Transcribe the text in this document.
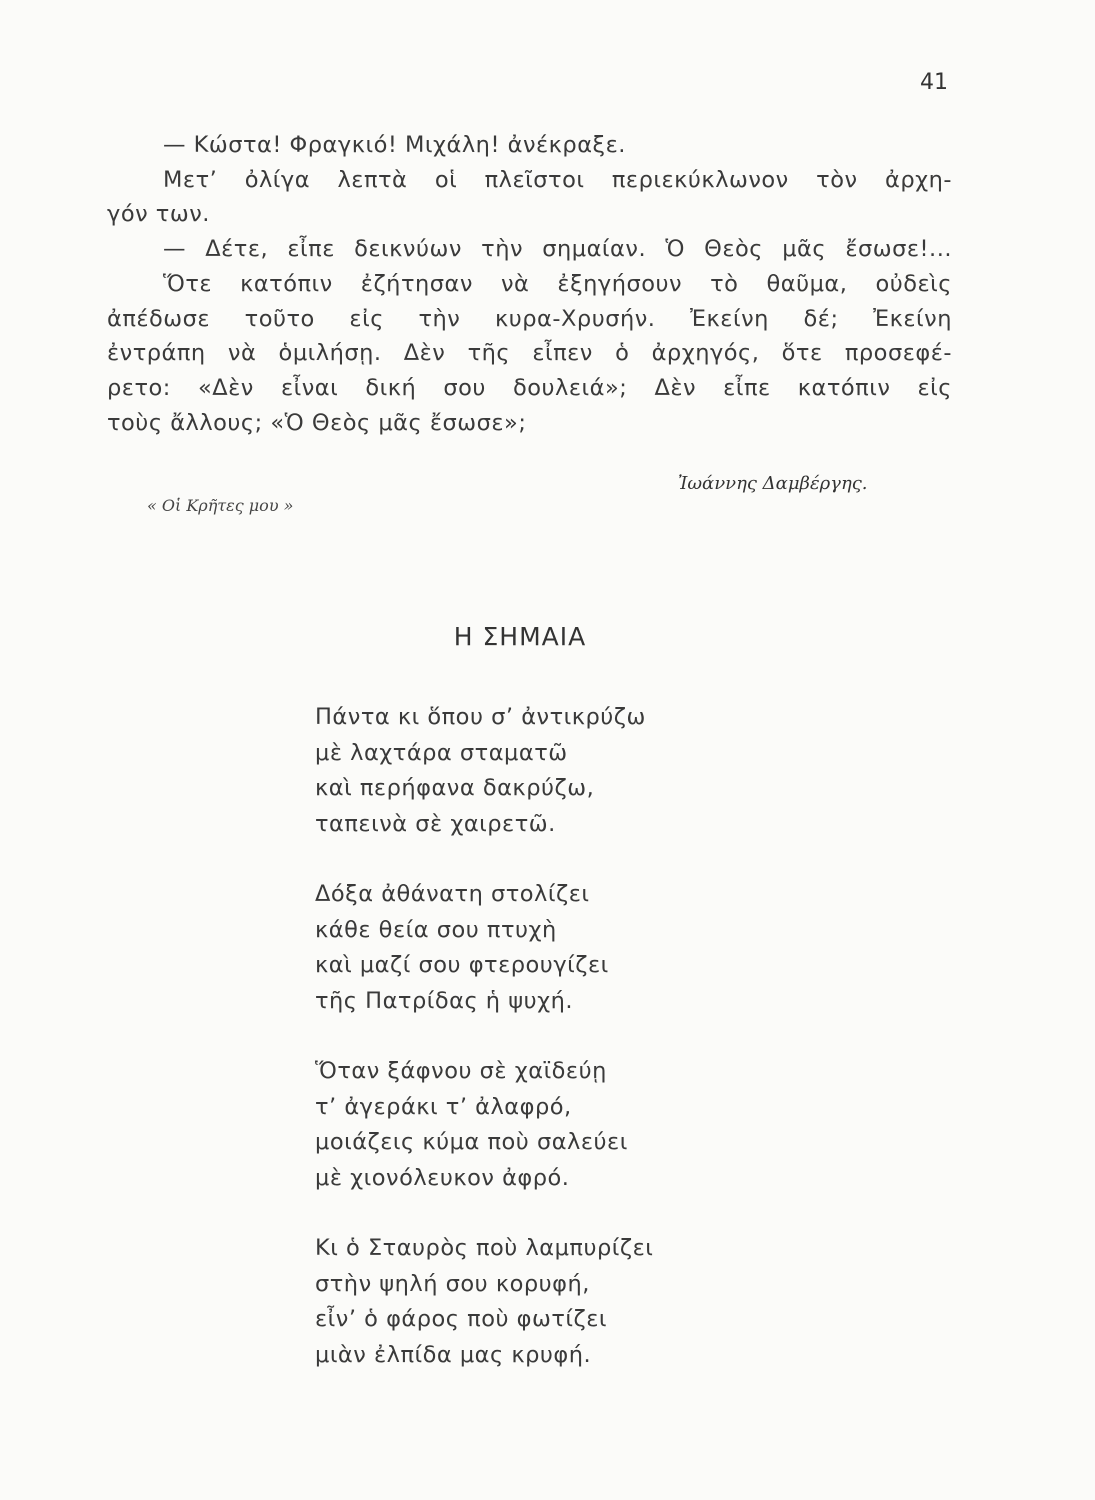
41

— Κώστα! Φραγκιό! Μιχάλη! ἀνέκραξε.

Μετ’ ὀλίγα λεπτὰ οἱ πλεῖστοι περιεκύκλωνον τὸν ἀρχη-

γόν των.

— Δέτε, εἶπε δεικνύων τὴν σημαίαν. Ὁ Θεὸς μᾶς ἔσωσε!...

Ὅτε κατόπιν ἐζήτησαν νὰ ἐξηγήσουν τὸ θαῦμα, οὐδεὶς

ἀπέδωσε τοῦτο εἰς τὴν κυρα-Χρυσήν. Ἐκείνη δέ; Ἐκείνη

ἐντράπη νὰ ὁμιλήσῃ. Δὲν τῆς εἶπεν ὁ ἀρχηγός, ὅτε προσεφέ-

ρετο: «Δὲν εἶναι δική σου δουλειά»; Δὲν εἶπε κατόπιν εἰς

τοὺς ἄλλους; «Ὁ Θεὸς μᾶς ἔσωσε»;

« Οἱ Κρῆτες μου »
Ἰωάννης Δαμβέργης.
Η ΣΗΜΑΙΑ
Πάντα κι ὅπου σ’ ἀντικρύζω
μὲ λαχτάρα σταματῶ
καὶ περήφανα δακρύζω,
ταπεινὰ σὲ χαιρετῶ.
Δόξα ἀθάνατη στολίζει
κάθε θεία σου πτυχὴ
καὶ μαζί σου φτερουγίζει
τῆς Πατρίδας ἡ ψυχή.
Ὅταν ξάφνου σὲ χαϊδεύῃ
τ’ ἀγεράκι τ’ ἀλαφρό,
μοιάζεις κύμα ποὺ σαλεύει
μὲ χιονόλευκον ἀφρό.
Κι ὁ Σταυρὸς ποὺ λαμπυρίζει
στὴν ψηλή σου κορυφή,
εἶν’ ὁ φάρος ποὺ φωτίζει
μιὰν ἐλπίδα μας κρυφή.
